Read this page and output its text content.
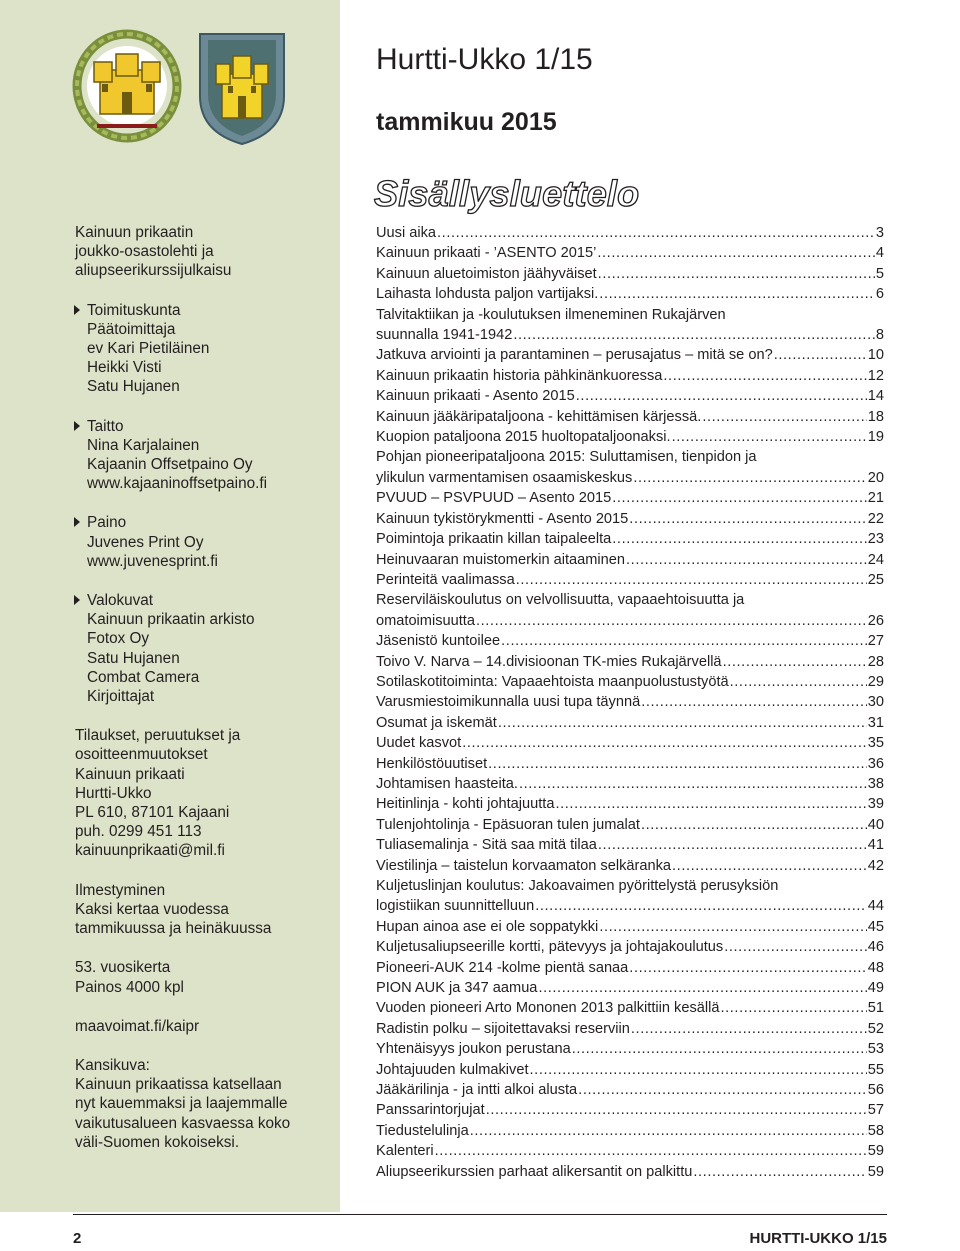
Kainuun prikaatin
joukko-osastolehti ja
aliupseerikurssijulkaisu
Toimituskunta
Päätoimittaja
ev Kari Pietiläinen
Heikki Visti
Satu Hujanen
Taitto
Nina Karjalainen
Kajaanin Offsetpaino Oy
www.kajaaninoffsetpaino.fi
Paino
Juvenes Print Oy
www.juvenesprint.fi
Valokuvat
Kainuun prikaatin arkisto
Fotox Oy
Satu Hujanen
Combat Camera
Kirjoittajat
Tilaukset, peruutukset ja
osoitteenmuutokset
Kainuun prikaati
Hurtti-Ukko
PL 610, 87101 Kajaani
puh. 0299 451 113
kainuunprikaati@mil.fi
Ilmestyminen
Kaksi kertaa vuodessa
tammikuussa ja heinäkuussa
53. vuosikerta
Painos 4000 kpl
maavoimat.fi/kaipr
Kansikuva:
Kainuun prikaatissa katsellaan
nyt kauemmaksi ja laajemmalle
vaikutusalueen kasvaessa koko
väli-Suomen kokoiseksi.
Hurtti-Ukko 1/15
tammikuu 2015
Sisällysluettelo
Uusi aika .....	3
Kainuun prikaati - ’ASENTO 2015’ .....	4
Kainuun aluetoimiston jäähyväiset .....	5
Laihasta lohdusta paljon vartijaksi. .....	6
Talvitaktiikan ja -koulutuksen ilmeneminen Rukajärven
suunnalla 1941-1942 .....	8
Jatkuva arviointi ja parantaminen – perusajatus – mitä se on? .....	10
Kainuun prikaatin historia pähkinänkuoressa .....	12
Kainuun prikaati - Asento 2015 .....	14
Kainuun jääkäripataljoona - kehittämisen kärjessä. .....	18
Kuopion pataljoona 2015 huoltopataljoonaksi. .....	19
Pohjan pioneeripataljoona 2015: Suluttamisen, tienpidon ja
ylikulun varmentamisen osaamiskeskus .....	20
PVUUD – PSVPUUD – Asento 2015 .....	21
Kainuun tykistörykmentti - Asento 2015 .....	22
Poimintoja prikaatin killan taipaleelta .....	23
Heinuvaaran muistomerkin aitaaminen .....	24
Perinteitä vaalimassa .....	25
Reserviläiskoulutus on velvollisuutta, vapaaehtoisuutta ja
omatoimisuutta .....	26
Jäsenistö kuntoilee .....	27
Toivo V. Narva – 14.divisioonan TK-mies Rukajärvellä .....	28
Sotilaskotitoiminta: Vapaaehtoista maanpuolustustyötä .....	29
Varusmiestoimikunnalla uusi tupa täynnä .....	30
Osumat ja iskemät .....	31
Uudet kasvot .....	35
Henkilöstöuutiset .....	36
Johtamisen haasteita. .....	38
Heitinlinja - kohti johtajuutta .....	39
Tulenjohtolinja - Epäsuoran tulen jumalat .....	40
Tuliasemalinja - Sitä saa mitä tilaa .....	41
Viestilinja – taistelun korvaamaton selkäranka .....	42
Kuljetuslinjan koulutus: Jakoavaimen pyörittelystä perusyksiön
logistiikan suunnittelluun .....	44
Hupan ainoa ase ei ole soppatykki .....	45
Kuljetusaliupseerille kortti, pätevyys ja johtajakoulutus .....	46
Pioneeri-AUK 214 -kolme pientä sanaa .....	48
PION AUK ja 347 aamua .....	49
Vuoden pioneeri Arto Mononen 2013 palkittiin kesällä .....	51
Radistin polku – sijoitettavaksi reserviin .....	52
Yhtenäisyys joukon perustana .....	53
Johtajuuden kulmakivet .....	55
Jääkärilinja - ja intti alkoi alusta .....	56
Panssarintorjujat .....	57
Tiedustelulinja .....	58
Kalenteri .....	59
Aliupseerikurssien parhaat alikersantit on palkittu .....	59
2	HURTTI-UKKO 1/15
